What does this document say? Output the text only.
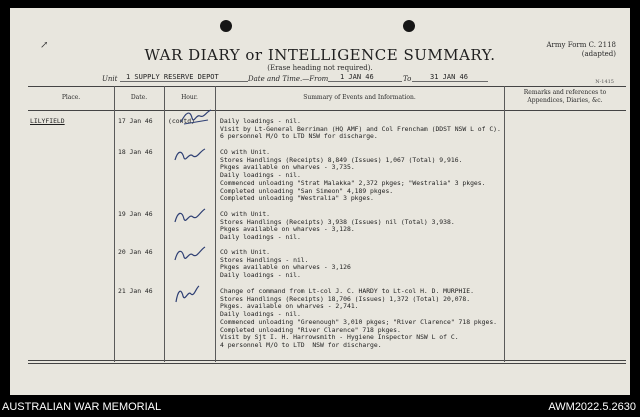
↗
WAR DIARY or INTELLIGENCE SUMMARY.
(Erase heading not required).
Army Form C. 2118
(adapted)
N-1415
Unit 1 SUPPLY RESERVE DEPOT	Date and Time.—From 1 JAN 46	To	31 JAN 46
Place.	Date.	Hour.	Summary of Events and Information.
Remarks and references to
Appendices, Diaries, &c.
LILYFIELD	17 Jan 46 (contd)	Daily loadings - nil.
Visit by Lt-General Berriman (HQ AMF) and Col Frencham (DDST NSW L of C).
6 personnel M/O to LTD NSW for discharge.
18 Jan 46	CO with Unit.
Stores Handlings (Receipts) 8,849 (Issues) 1,067 (Total) 9,916.
Pkges available on wharves - 3,735.
Daily loadings - nil.
Commenced unloading "Strat Malakka" 2,372 pkges; "Westralia" 3 pkges.
Completed unloading "San Simeon" 4,189 pkges.
Completed unloading "Westralia" 3 pkges.
19 Jan 46	CO with Unit.
Stores Handlings (Receipts) 3,938 (Issues) nil (Total) 3,938.
Pkges available on wharves - 3,128.
Daily loadings - nil.
20 Jan 46	CO with Unit.
Stores Handlings - nil.
Pkges available on wharves - 3,126
Daily loadings - nil.
21 Jan 46	Change of command from Lt-col J. C. HARDY to Lt-col H. D. MURPHIE.
Stores Handlings (Receipts) 18,706 (Issues) 1,372 (Total) 20,078.
Pkges. available on wharves - 2,741.
Daily loadings - nil.
Commenced unloading "Greenough" 3,010 pkges; "River Clarence" 718 pkges.
Completed unloading "River Clarence" 718 pkges.
Visit by Sjt I. H. Harrowsmith - Hygiene Inspector NSW L of C.
4 personnel M/O to LTD  NSW for discharge.
AUSTRALIAN WAR MEMORIAL	AWM2022.5.2630
